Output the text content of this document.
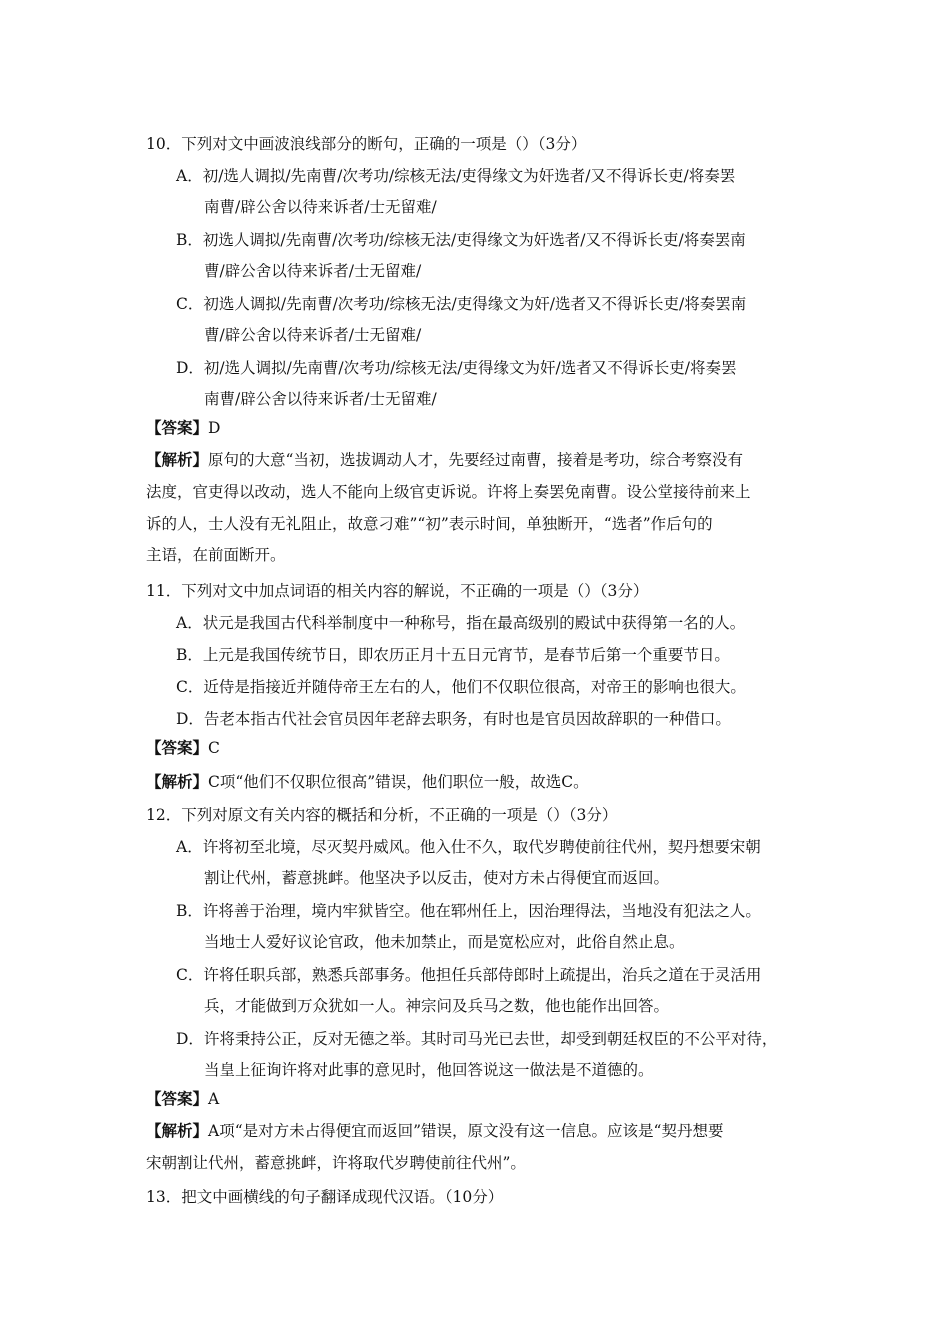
10．下列对文中画波浪线部分的断句，正确的一项是（）（3分）
A．初/选人调拟/先南曹/次考功/综核无法/吏得缘文为奸选者/又不得诉长吏/将奏罢
南曹/辟公舍以待来诉者/士无留难/
B．初选人调拟/先南曹/次考功/综核无法/吏得缘文为奸选者/又不得诉长吏/将奏罢南
曹/辟公舍以待来诉者/士无留难/
C．初选人调拟/先南曹/次考功/综核无法/吏得缘文为奸/选者又不得诉长吏/将奏罢南
曹/辟公舍以待来诉者/士无留难/
D．初/选人调拟/先南曹/次考功/综核无法/吏得缘文为奸/选者又不得诉长吏/将奏罢
南曹/辟公舍以待来诉者/士无留难/
【答案】D
【解析】原句的大意“当初，选拔调动人才，先要经过南曹，接着是考功，综合考察没有
法度，官吏得以改动，选人不能向上级官吏诉说。许将上奏罢免南曹。设公堂接待前来上
诉的人，士人没有无礼阻止，故意刁难”“初”表示时间，单独断开，“选者”作后句的
主语，在前面断开。
11．下列对文中加点词语的相关内容的解说，不正确的一项是（）（3分）
A．状元是我国古代科举制度中一种称号，指在最高级别的殿试中获得第一名的人。
B．上元是我国传统节日，即农历正月十五日元宵节，是春节后第一个重要节日。
C．近侍是指接近并随侍帝王左右的人，他们不仅职位很高，对帝王的影响也很大。
D．告老本指古代社会官员因年老辞去职务，有时也是官员因故辞职的一种借口。
【答案】C
【解析】C项“他们不仅职位很高”错误，他们职位一般，故选C。
12．下列对原文有关内容的概括和分析，不正确的一项是（）（3分）
A．许将初至北境，尽灭契丹威风。他入仕不久，取代岁聘使前往代州，契丹想要宋朝
割让代州，蓄意挑衅。他坚决予以反击，使对方未占得便宜而返回。
B．许将善于治理，境内牢狱皆空。他在郓州任上，因治理得法，当地没有犯法之人。
当地士人爱好议论官政，他未加禁止，而是宽松应对，此俗自然止息。
C．许将任职兵部，熟悉兵部事务。他担任兵部侍郎时上疏提出，治兵之道在于灵活用
兵，才能做到万众犹如一人。神宗问及兵马之数，他也能作出回答。
D．许将秉持公正，反对无德之举。其时司马光已去世，却受到朝廷权臣的不公平对待，
当皇上征询许将对此事的意见时，他回答说这一做法是不道德的。
【答案】A
【解析】A项“是对方未占得便宜而返回”错误，原文没有这一信息。应该是“契丹想要
宋朝割让代州，蓄意挑衅，许将取代岁聘使前往代州”。
13．把文中画横线的句子翻译成现代汉语。（10分）
